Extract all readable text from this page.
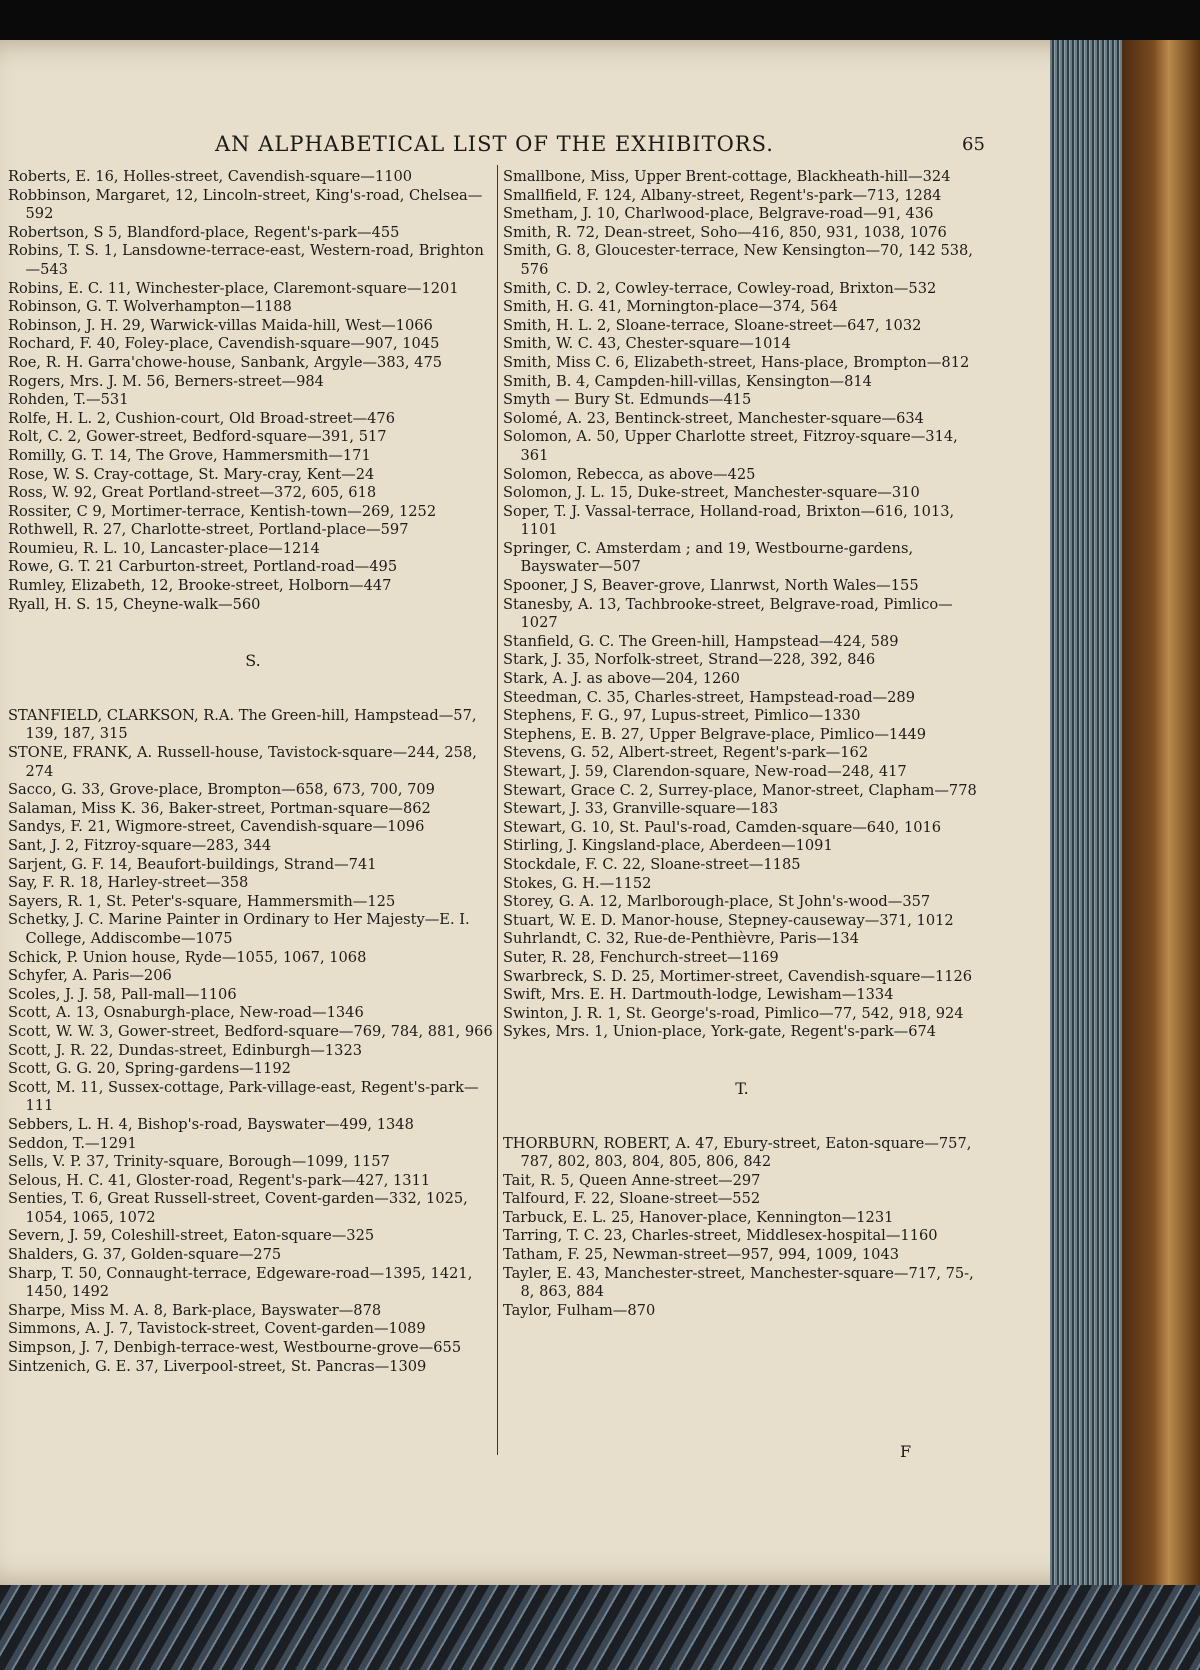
AN ALPHABETICAL LIST OF THE EXHIBITORS.	65

Roberts, E. 16, Holles-street, Cavendish-square—1100

Robbinson, Margaret, 12, Lincoln-street, King's-road, Chelsea—592

Robertson, S 5, Blandford-place, Regent's-park—455

Robins, T. S. 1, Lansdowne-terrace-east, Western-road, Brighton—543

Robins, E. C. 11, Winchester-place, Claremont-square—1201

Robinson, G. T. Wolverhampton—1188

Robinson, J. H. 29, Warwick-villas Maida-hill, West—1066

Rochard, F. 40, Foley-place, Cavendish-square—907, 1045

Roe, R. H. Garra'chowe-house, Sanbank, Argyle—383, 475

Rogers, Mrs. J. M. 56, Berners-street—984

Rohden, T.—531

Rolfe, H. L. 2, Cushion-court, Old Broad-street—476

Rolt, C. 2, Gower-street, Bedford-square—391, 517

Romilly, G. T. 14, The Grove, Hammersmith—171

Rose, W. S. Cray-cottage, St. Mary-cray, Kent—24

Ross, W. 92, Great Portland-street—372, 605, 618

Rossiter, C 9, Mortimer-terrace, Kentish-town—269, 1252

Rothwell, R. 27, Charlotte-street, Portland-place—597

Roumieu, R. L. 10, Lancaster-place—1214

Rowe, G. T. 21 Carburton-street, Portland-road—495

Rumley, Elizabeth, 12, Brooke-street, Holborn—447

Ryall, H. S. 15, Cheyne-walk—560

S.

STANFIELD, CLARKSON, R.A. The Green-hill, Hampstead—57, 139, 187, 315

STONE, FRANK, A. Russell-house, Tavistock-square—244, 258, 274

Sacco, G. 33, Grove-place, Brompton—658, 673, 700, 709

Salaman, Miss K. 36, Baker-street, Portman-square—862

Sandys, F. 21, Wigmore-street, Cavendish-square—1096

Sant, J. 2, Fitzroy-square—283, 344

Sarjent, G. F. 14, Beaufort-buildings, Strand—741

Say, F. R. 18, Harley-street—358

Sayers, R. 1, St. Peter's-square, Hammersmith—125

Schetky, J. C. Marine Painter in Ordinary to Her Majesty—E. I. College, Addiscombe—1075

Schick, P. Union house, Ryde—1055, 1067, 1068

Schyfer, A. Paris—206

Scoles, J. J. 58, Pall-mall—1106

Scott, A. 13, Osnaburgh-place, New-road—1346

Scott, W. W. 3, Gower-street, Bedford-square—769, 784, 881, 966

Scott, J. R. 22, Dundas-street, Edinburgh—1323

Scott, G. G. 20, Spring-gardens—1192

Scott, M. 11, Sussex-cottage, Park-village-east, Regent's-park—111

Sebbers, L. H. 4, Bishop's-road, Bayswater—499, 1348

Seddon, T.—1291

Sells, V. P. 37, Trinity-square, Borough—1099, 1157

Selous, H. C. 41, Gloster-road, Regent's-park—427, 1311

Senties, T. 6, Great Russell-street, Covent-garden—332, 1025, 1054, 1065, 1072

Severn, J. 59, Coleshill-street, Eaton-square—325

Shalders, G. 37, Golden-square—275

Sharp, T. 50, Connaught-terrace, Edgeware-road—1395, 1421, 1450, 1492

Sharpe, Miss M. A. 8, Bark-place, Bayswater—878

Simmons, A. J. 7, Tavistock-street, Covent-garden—1089

Simpson, J. 7, Denbigh-terrace-west, Westbourne-grove—655

Sintzenich, G. E. 37, Liverpool-street, St. Pancras—1309

Smallbone, Miss, Upper Brent-cottage, Blackheath-hill—324

Smallfield, F. 124, Albany-street, Regent's-park—713, 1284

Smetham, J. 10, Charlwood-place, Belgrave-road—91, 436

Smith, R. 72, Dean-street, Soho—416, 850, 931, 1038, 1076

Smith, G. 8, Gloucester-terrace, New Kensington—70, 142 538, 576

Smith, C. D. 2, Cowley-terrace, Cowley-road, Brixton—532

Smith, H. G. 41, Mornington-place—374, 564

Smith, H. L. 2, Sloane-terrace, Sloane-street—647, 1032

Smith, W. C. 43, Chester-square—1014

Smith, Miss C. 6, Elizabeth-street, Hans-place, Brompton—812

Smith, B. 4, Campden-hill-villas, Kensington—814

Smyth — Bury St. Edmunds—415

Solomé, A. 23, Bentinck-street, Manchester-square—634

Solomon, A. 50, Upper Charlotte street, Fitzroy-square—314, 361

Solomon, Rebecca, as above—425

Solomon, J. L. 15, Duke-street, Manchester-square—310

Soper, T. J. Vassal-terrace, Holland-road, Brixton—616, 1013, 1101

Springer, C. Amsterdam ; and 19, Westbourne-gardens, Bayswater—507

Spooner, J S, Beaver-grove, Llanrwst, North Wales—155

Stanesby, A. 13, Tachbrooke-street, Belgrave-road, Pimlico—1027

Stanfield, G. C. The Green-hill, Hampstead—424, 589

Stark, J. 35, Norfolk-street, Strand—228, 392, 846

Stark, A. J. as above—204, 1260

Steedman, C. 35, Charles-street, Hampstead-road—289

Stephens, F. G., 97, Lupus-street, Pimlico—1330

Stephens, E. B. 27, Upper Belgrave-place, Pimlico—1449

Stevens, G. 52, Albert-street, Regent's-park—162

Stewart, J. 59, Clarendon-square, New-road—248, 417

Stewart, Grace C. 2, Surrey-place, Manor-street, Clapham—778

Stewart, J. 33, Granville-square—183

Stewart, G. 10, St. Paul's-road, Camden-square—640, 1016

Stirling, J. Kingsland-place, Aberdeen—1091

Stockdale, F. C. 22, Sloane-street—1185

Stokes, G. H.—1152

Storey, G. A. 12, Marlborough-place, St John's-wood—357

Stuart, W. E. D. Manor-house, Stepney-causeway—371, 1012

Suhrlandt, C. 32, Rue-de-Penthièvre, Paris—134

Suter, R. 28, Fenchurch-street—1169

Swarbreck, S. D. 25, Mortimer-street, Cavendish-square—1126

Swift, Mrs. E. H. Dartmouth-lodge, Lewisham—1334

Swinton, J. R. 1, St. George's-road, Pimlico—77, 542, 918, 924

Sykes, Mrs. 1, Union-place, York-gate, Regent's-park—674

T.

THORBURN, ROBERT, A. 47, Ebury-street, Eaton-square—757, 787, 802, 803, 804, 805, 806, 842

Tait, R. 5, Queen Anne-street—297

Talfourd, F. 22, Sloane-street—552

Tarbuck, E. L. 25, Hanover-place, Kennington—1231

Tarring, T. C. 23, Charles-street, Middlesex-hospital—1160

Tatham, F. 25, Newman-street—957, 994, 1009, 1043

Tayler, E. 43, Manchester-street, Manchester-square—717, 75-, 8, 863, 884

Taylor, Fulham—870

F
